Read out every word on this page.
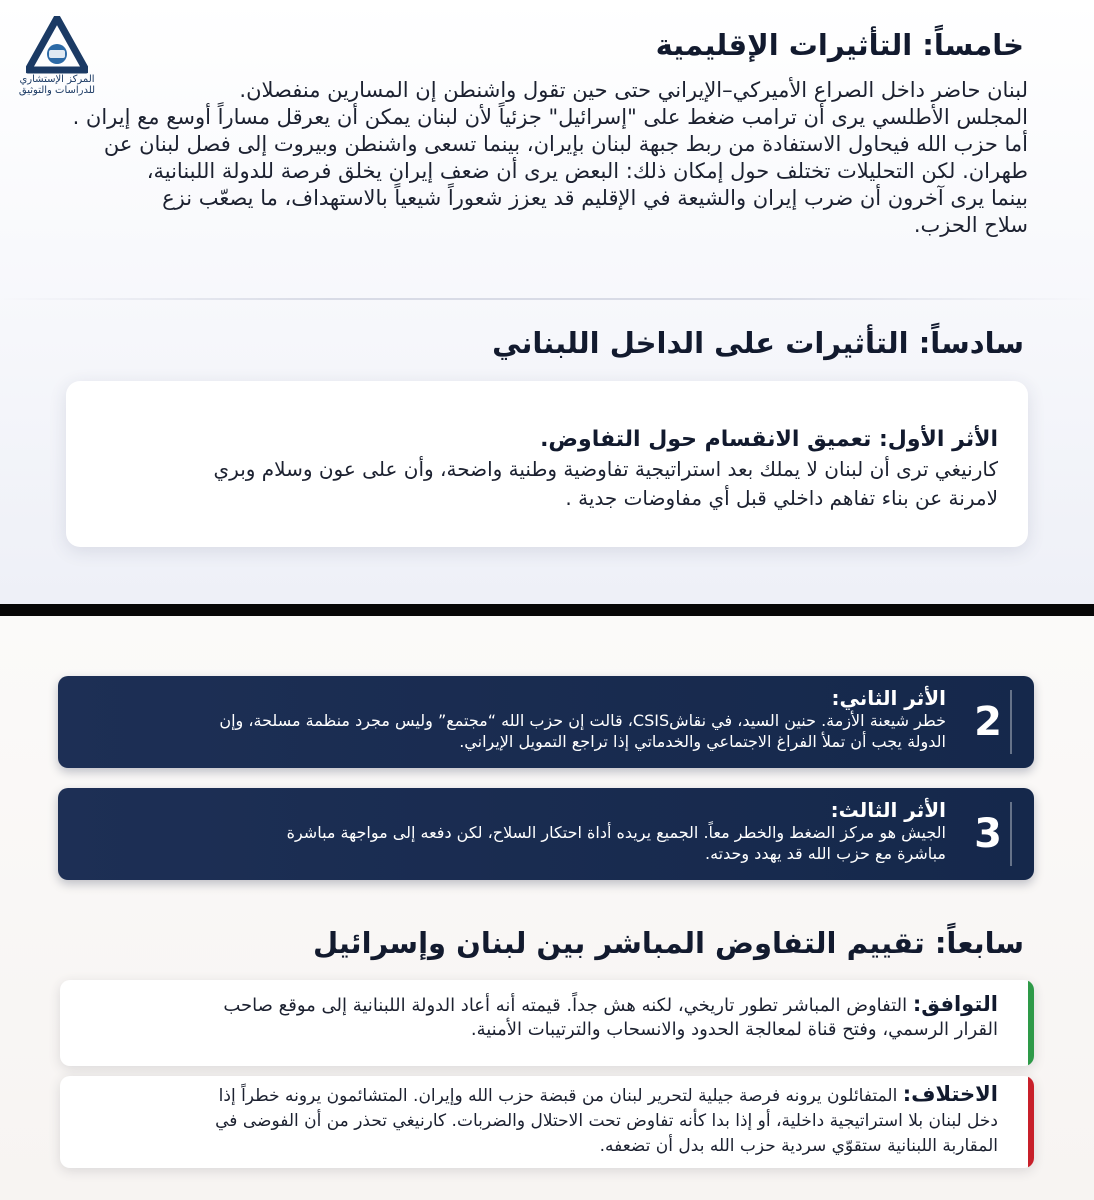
المركز الإستشاري
للدراسات والتوثيق
خامساً: التأثيرات الإقليمية

لبنان حاضر داخل الصراع الأميركي–الإيراني حتى حين تقول واشنطن إن المسارين منفصلان.

المجلس الأطلسي يرى أن ترامب ضغط على "إسرائيل" جزئياً لأن لبنان يمكن أن يعرقل مساراً أوسع مع إيران .

أما حزب الله فيحاول الاستفادة من ربط جبهة لبنان بإيران، بينما تسعى واشنطن وبيروت إلى فصل لبنان عن

طهران. لكن التحليلات تختلف حول إمكان ذلك: البعض يرى أن ضعف إيران يخلق فرصة للدولة اللبنانية،

بينما يرى آخرون أن ضرب إيران والشيعة في الإقليم قد يعزز شعوراً شيعياً بالاستهداف، ما يصعّب نزع

سلاح الحزب.

سادساً: التأثيرات على الداخل اللبناني
الأثر الأول: تعميق الانقسام حول التفاوض.
كارنيغي ترى أن لبنان لا يملك بعد استراتيجية تفاوضية وطنية واضحة، وأن على عون وسلام وبري
لامرنة عن بناء تفاهم داخلي قبل أي مفاوضات جدية .
2
الأثر الثاني:
خطر شيعنة الأزمة. حنين السيد، في نقاشCSIS، قالت إن حزب الله “مجتمع” وليس مجرد منظمة مسلحة، وإن
الدولة يجب أن تملأ الفراغ الاجتماعي والخدماتي إذا تراجع التمويل الإيراني.
3
الأثر الثالث:
الجيش هو مركز الضغط والخطر معاً. الجميع يريده أداة احتكار السلاح، لكن دفعه إلى مواجهة مباشرة
مباشرة مع حزب الله قد يهدد وحدته.
سابعاً: تقييم التفاوض المباشر بين لبنان وإسرائيل
التوافق: التفاوض المباشر تطور تاريخي، لكنه هش جداً. قيمته أنه أعاد الدولة اللبنانية إلى موقع صاحب
القرار الرسمي، وفتح قناة لمعالجة الحدود والانسحاب والترتيبات الأمنية.
الاختلاف: المتفائلون يرونه فرصة جيلية لتحرير لبنان من قبضة حزب الله وإيران. المتشائمون يرونه خطراً إذا
دخل لبنان بلا استراتيجية داخلية، أو إذا بدا كأنه تفاوض تحت الاحتلال والضربات. كارنيغي تحذر من أن الفوضى في
المقاربة اللبنانية ستقوّي سردية حزب الله بدل أن تضعفه.
